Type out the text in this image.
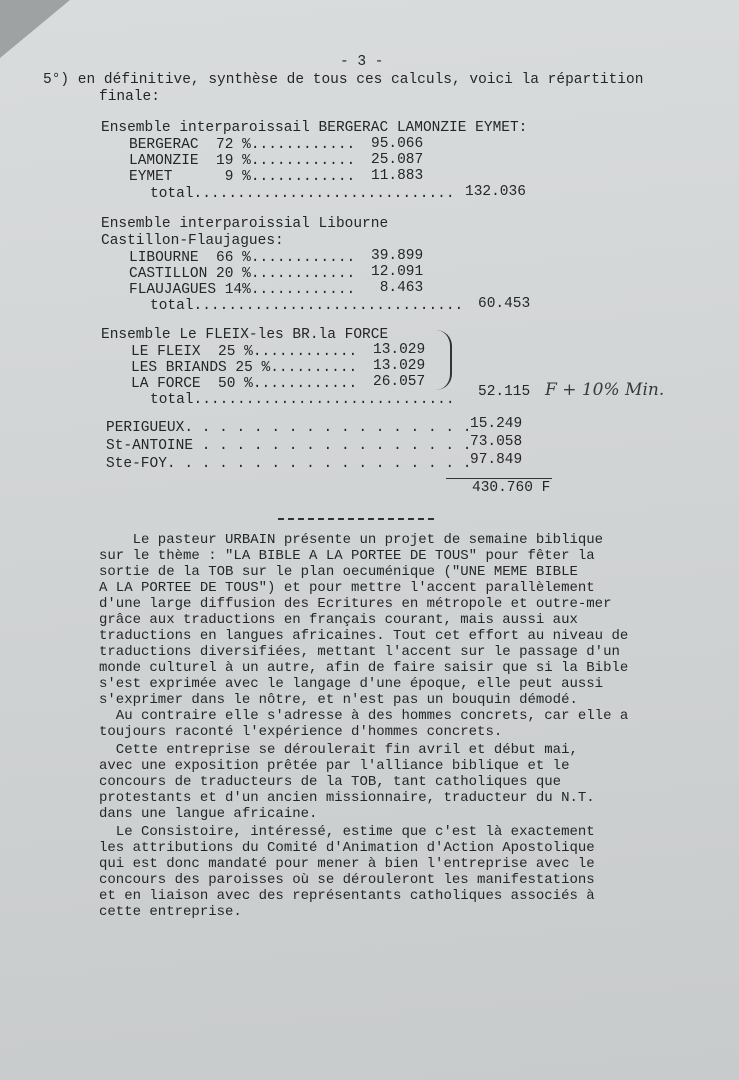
- 3 -
5°) en définitive, synthèse de tous ces calculs, voici la répartition
finale:
Ensemble interparoissail BERGERAC LAMONZIE EYMET:
BERGERAC  72 %............ 95.066
LAMONZIE  19 %............ 25.087
EYMET      9 %............ 11.883
total.............................. 132.036
Ensemble interparoissial Libourne
Castillon-Flaujagues:
LIBOURNE  66 %............ 39.899
CASTILLON 20 %............ 12.091
FLAUJAGUES 14%............ 8.463
total............................... 60.453
Ensemble Le FLEIX-les BR.la FORCE
LE FLEIX  25 %............ 13.029
LES BRIANDS 25 %.......... 13.029
LA FORCE  50 %............ 26.057
total.............................. 52.115 F + 10% Min.
PERIGUEUX. . . . . . . . . . . . . . . . .
15.249
St-ANTOINE . . . . . . . . . . . . . . . .
73.058
Ste-FOY. . . . . . . . . . . . . . . . . .
97.849
430.760 F
Le pasteur URBAIN présente un projet de semaine biblique
sur le thème : "LA BIBLE A LA PORTEE DE TOUS" pour fêter la
sortie de la TOB sur le plan oecuménique ("UNE MEME BIBLE
A LA PORTEE DE TOUS") et pour mettre l'accent parallèlement
d'une large diffusion des Ecritures en métropole et outre-mer
grâce aux traductions en français courant, mais aussi aux
traductions en langues africaines. Tout cet effort au niveau de
traductions diversifiées, mettant l'accent sur le passage d'un
monde culturel à un autre, afin de faire saisir que si la Bible
s'est exprimée avec le langage d'une époque, elle peut aussi
s'exprimer dans le nôtre, et n'est pas un bouquin démodé.
Au contraire elle s'adresse à des hommes concrets, car elle a
toujours raconté l'expérience d'hommes concrets.
Cette entreprise se déroulerait fin avril et début mai,
avec une exposition prêtée par l'alliance biblique et le
concours de traducteurs de la TOB, tant catholiques que
protestants et d'un ancien missionnaire, traducteur du N.T.
dans une langue africaine.
Le Consistoire, intéressé, estime que c'est là exactement
les attributions du Comité d'Animation d'Action Apostolique
qui est donc mandaté pour mener à bien l'entreprise avec le
concours des paroisses où se dérouleront les manifestations
et en liaison avec des représentants catholiques associés à
cette entreprise.
